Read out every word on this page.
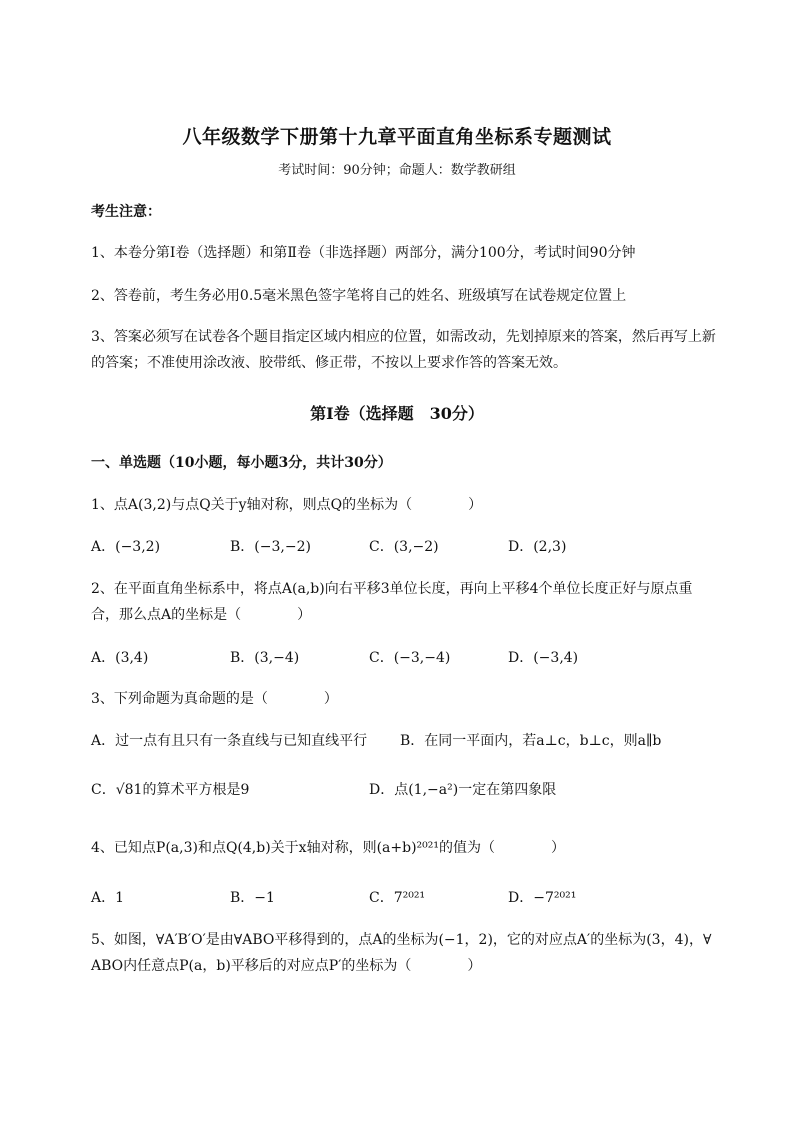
八年级数学下册第十九章平面直角坐标系专题测试
考试时间：90分钟；命题人：数学教研组
考生注意：
1、本卷分第Ⅰ卷（选择题）和第Ⅱ卷（非选择题）两部分，满分100分，考试时间90分钟
2、答卷前，考生务必用0.5毫米黑色签字笔将自己的姓名、班级填写在试卷规定位置上
3、答案必须写在试卷各个题目指定区域内相应的位置，如需改动，先划掉原来的答案，然后再写上新
的答案；不准使用涂改液、胶带纸、修正带，不按以上要求作答的答案无效。
第Ⅰ卷（选择题　30分）
一、单选题（10小题，每小题3分，共计30分）
1、点A(3,2)与点Q关于y轴对称，则点Q的坐标为（　　　　）
A．(−3,2)	B．(−3,−2)	C．(3,−2)	D．(2,3)
2、在平面直角坐标系中，将点A(a,b)向右平移3单位长度，再向上平移4个单位长度正好与原点重
合，那么点A的坐标是（　　　　）
A．(3,4)	B．(3,−4)	C．(−3,−4)	D．(−3,4)
3、下列命题为真命题的是（　　　　）
A．过一点有且只有一条直线与已知直线平行 B．在同一平面内，若a⊥c，b⊥c，则a∥b
C．√81的算术平方根是9	D．点(1,−a²)一定在第四象限
4、已知点P(a,3)和点Q(4,b)关于x轴对称，则(a+b)²⁰²¹的值为（　　　　）
A．1	B．−1	C．7²⁰²¹	D．−7²⁰²¹
5、如图，∀A′B′O′是由∀ABO平移得到的，点A的坐标为(−1，2)，它的对应点A′的坐标为(3，4)，∀
ABO内任意点P(a，b)平移后的对应点P′的坐标为（　　　　）
